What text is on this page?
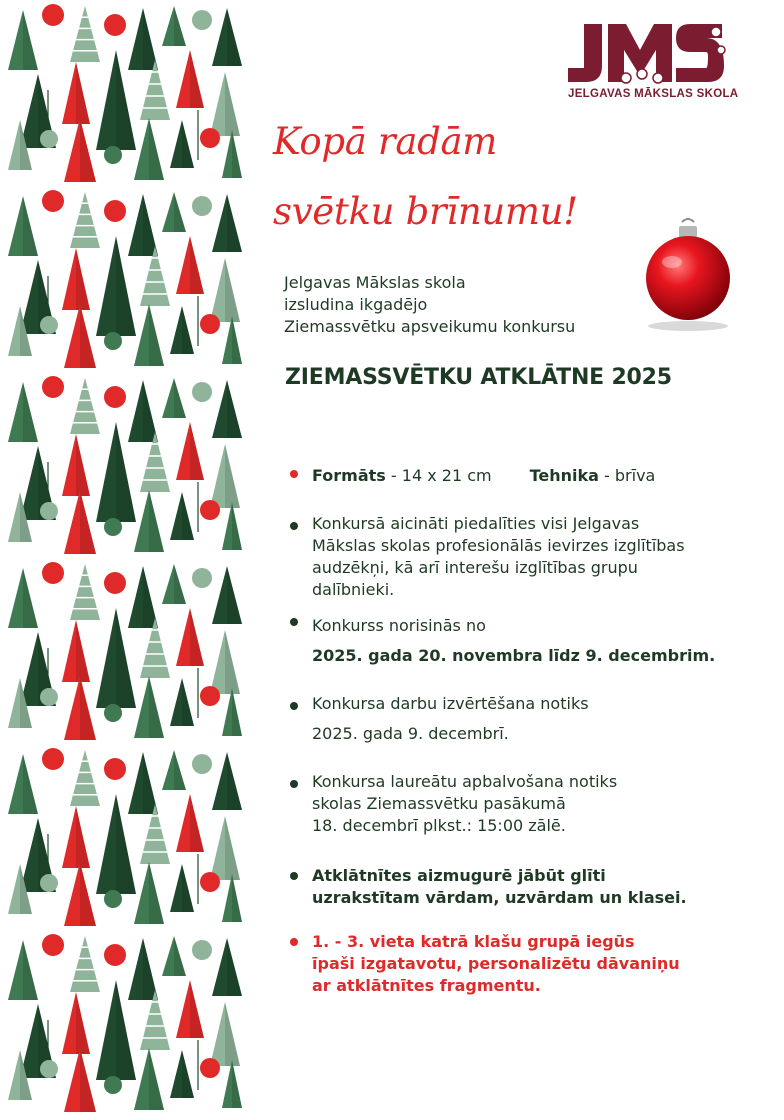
JELGAVAS MĀKSLAS SKOLA
Kopā radām
svētku brīnumu!
Jelgavas Mākslas skola
izsludina ikgadējo
Ziemassvētku apsveikumu konkursu
ZIEMASSVĒTKU ATKLĀTNE 2025
Formāts - 14 x 21 cm Tehnika - brīva
Konkursā aicināti piedalīties visi Jelgavas
Mākslas skolas profesionālās ievirzes izglītības
audzēkņi, kā arī interešu izglītības grupu
dalībnieki.
Konkurss norisinās no
2025. gada 20. novembra līdz 9. decembrim.
Konkursa darbu izvērtēšana notiks
2025. gada 9. decembrī.
Konkursa laureātu apbalvošana notiks
skolas Ziemassvētku pasākumā
18. decembrī plkst.: 15:00 zālē.
Atklātnītes aizmugurē jābūt glīti
uzrakstītam vārdam, uzvārdam un klasei.
1. - 3. vieta katrā klašu grupā iegūs
īpaši izgatavotu, personalizētu dāvaniņu
ar atklātnītes fragmentu.
